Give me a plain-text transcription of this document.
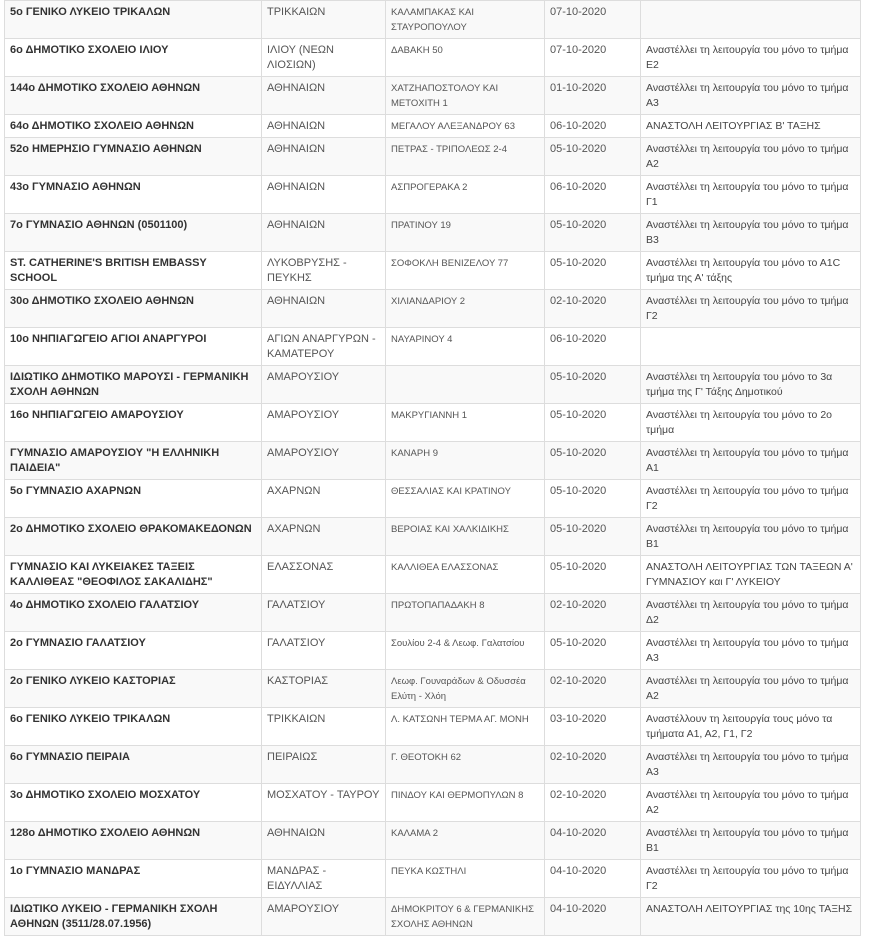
5ο ΓΕΝΙΚΟ ΛΥΚΕΙΟ ΤΡΙΚΑΛΩΝ	ΤΡΙΚΚΑΙΩΝ	ΚΑΛΑΜΠΑΚΑΣ ΚΑΙ ΣΤΑΥΡΟΠΟΥΛΟΥ	07-10-2020	
6ο ΔΗΜΟΤΙΚΟ ΣΧΟΛΕΙΟ ΙΛΙΟΥ	ΙΛΙΟΥ (ΝΕΩΝ ΛΙΟΣΙΩΝ)	ΔΑΒΑΚΗ 50	07-10-2020	Αναστέλλει τη λειτουργία του μόνο το τμήμα Ε2
144ο ΔΗΜΟΤΙΚΟ ΣΧΟΛΕΙΟ ΑΘΗΝΩΝ	ΑΘΗΝΑΙΩΝ	ΧΑΤΖΗΑΠΟΣΤΟΛΟΥ ΚΑΙ ΜΕΤΟΧΙΤΗ 1	01-10-2020	Αναστέλλει τη λειτουργία του μόνο το τμήμα Α3
64ο ΔΗΜΟΤΙΚΟ ΣΧΟΛΕΙΟ ΑΘΗΝΩΝ	ΑΘΗΝΑΙΩΝ	ΜΕΓΑΛΟΥ ΑΛΕΞΑΝΔΡΟΥ 63	06-10-2020	ΑΝΑΣΤΟΛΗ ΛΕΙΤΟΥΡΓΙΑΣ Β' ΤΑΞΗΣ
52ο ΗΜΕΡΗΣΙΟ ΓΥΜΝΑΣΙΟ ΑΘΗΝΩΝ	ΑΘΗΝΑΙΩΝ	ΠΕΤΡΑΣ - ΤΡΙΠΟΛΕΩΣ 2-4	05-10-2020	Αναστέλλει τη λειτουργία του μόνο το τμήμα Α2
43ο ΓΥΜΝΑΣΙΟ ΑΘΗΝΩΝ	ΑΘΗΝΑΙΩΝ	ΑΣΠΡΟΓΕΡΑΚΑ 2	06-10-2020	Αναστέλλει τη λειτουργία του μόνο το τμήμα Γ1
7ο ΓΥΜΝΑΣΙΟ ΑΘΗΝΩΝ (0501100)	ΑΘΗΝΑΙΩΝ	ΠΡΑΤΙΝΟΥ 19	05-10-2020	Αναστέλλει τη λειτουργία του μόνο το τμήμα Β3
ST. CATHERINE'S BRITISH EMBASSY SCHOOL	ΛΥΚΟΒΡΥΣΗΣ - ΠΕΥΚΗΣ	ΣΟΦΟΚΛΗ ΒΕΝΙΖΕΛΟΥ 77	05-10-2020	Αναστέλλει τη λειτουργία του μόνο το Α1C τμήμα της Α' τάξης
30ο ΔΗΜΟΤΙΚΟ ΣΧΟΛΕΙΟ ΑΘΗΝΩΝ	ΑΘΗΝΑΙΩΝ	ΧΙΛΙΑΝΔΑΡΙΟΥ 2	02-10-2020	Αναστέλλει τη λειτουργία του μόνο το τμήμα Γ2
10ο ΝΗΠΙΑΓΩΓΕΙΟ ΑΓΙΟΙ ΑΝΑΡΓΥΡΟΙ	ΑΓΙΩΝ ΑΝΑΡΓΥΡΩΝ - ΚΑΜΑΤΕΡΟΥ	ΝΑΥΑΡΙΝΟΥ 4	06-10-2020	
ΙΔΙΩΤΙΚΟ ΔΗΜΟΤΙΚΟ ΜΑΡΟΥΣΙ - ΓΕΡΜΑΝΙΚΗ ΣΧΟΛΗ ΑΘΗΝΩΝ	ΑΜΑΡΟΥΣΙΟΥ		05-10-2020	Αναστέλλει τη λειτουργία του μόνο το 3α τμήμα της Γ' Τάξης Δημοτικού
16ο ΝΗΠΙΑΓΩΓΕΙΟ ΑΜΑΡΟΥΣΙΟΥ	ΑΜΑΡΟΥΣΙΟΥ	ΜΑΚΡΥΓΙΑΝΝΗ 1	05-10-2020	Αναστέλλει τη λειτουργία του μόνο το 2ο τμήμα
ΓΥΜΝΑΣΙΟ ΑΜΑΡΟΥΣΙΟΥ "Η ΕΛΛΗΝΙΚΗ ΠΑΙΔΕΙΑ"	ΑΜΑΡΟΥΣΙΟΥ	ΚΑΝΑΡΗ 9	05-10-2020	Αναστέλλει τη λειτουργία του μόνο το τμήμα Α1
5ο ΓΥΜΝΑΣΙΟ ΑΧΑΡΝΩΝ	ΑΧΑΡΝΩΝ	ΘΕΣΣΑΛΙΑΣ ΚΑΙ ΚΡΑΤΙΝΟΥ	05-10-2020	Αναστέλλει τη λειτουργία του μόνο το τμήμα Γ2
2ο ΔΗΜΟΤΙΚΟ ΣΧΟΛΕΙΟ ΘΡΑΚΟΜΑΚΕΔΟΝΩΝ	ΑΧΑΡΝΩΝ	ΒΕΡΟΙΑΣ ΚΑΙ ΧΑΛΚΙΔΙΚΗΣ	05-10-2020	Αναστέλλει τη λειτουργία του μόνο το τμήμα Β1
ΓΥΜΝΑΣΙΟ ΚΑΙ ΛΥΚΕΙΑΚΕΣ ΤΑΞΕΙΣ ΚΑΛΛΙΘΕΑΣ "ΘΕΟΦΙΛΟΣ ΣΑΚΑΛΙΔΗΣ"	ΕΛΑΣΣΟΝΑΣ	ΚΑΛΛΙΘΕΑ ΕΛΑΣΣΟΝΑΣ	05-10-2020	ΑΝΑΣΤΟΛΗ ΛΕΙΤΟΥΡΓΙΑΣ ΤΩΝ ΤΑΞΕΩΝ Α' ΓΥΜΝΑΣΙΟΥ και Γ' ΛΥΚΕΙΟΥ
4ο ΔΗΜΟΤΙΚΟ ΣΧΟΛΕΙΟ ΓΑΛΑΤΣΙΟΥ	ΓΑΛΑΤΣΙΟΥ	ΠΡΩΤΟΠΑΠΑΔΑΚΗ 8	02-10-2020	Αναστέλλει τη λειτουργία του μόνο το τμήμα Δ2
2ο ΓΥΜΝΑΣΙΟ ΓΑΛΑΤΣΙΟΥ	ΓΑΛΑΤΣΙΟΥ	Σουλίου 2-4 & Λεωφ. Γαλατσίου	05-10-2020	Αναστέλλει τη λειτουργία του μόνο το τμήμα Α3
2ο ΓΕΝΙΚΟ ΛΥΚΕΙΟ ΚΑΣΤΟΡΙΑΣ	ΚΑΣΤΟΡΙΑΣ	Λεωφ. Γουναράδων & Οδυσσέα Ελύτη - Χλόη	02-10-2020	Αναστέλλει τη λειτουργία του μόνο το τμήμα Α2
6ο ΓΕΝΙΚΟ ΛΥΚΕΙΟ ΤΡΙΚΑΛΩΝ	ΤΡΙΚΚΑΙΩΝ	Λ. ΚΑΤΣΩΝΗ ΤΕΡΜΑ ΑΓ. ΜΟΝΗ	03-10-2020	Αναστέλλουν τη λειτουργία τους μόνο τα τμήματα Α1, Α2, Γ1, Γ2
6ο ΓΥΜΝΑΣΙΟ ΠΕΙΡΑΙΑ	ΠΕΙΡΑΙΩΣ	Γ. ΘΕΟΤΟΚΗ 62	02-10-2020	Αναστέλλει τη λειτουργία του μόνο το τμήμα Α3
3ο ΔΗΜΟΤΙΚΟ ΣΧΟΛΕΙΟ ΜΟΣΧΑΤΟΥ	ΜΟΣΧΑΤΟΥ - ΤΑΥΡΟΥ	ΠΙΝΔΟΥ ΚΑΙ ΘΕΡΜΟΠΥΛΩΝ 8	02-10-2020	Αναστέλλει τη λειτουργία του μόνο το τμήμα Α2
128ο ΔΗΜΟΤΙΚΟ ΣΧΟΛΕΙΟ ΑΘΗΝΩΝ	ΑΘΗΝΑΙΩΝ	ΚΑΛΑΜΑ 2	04-10-2020	Αναστέλλει τη λειτουργία του μόνο το τμήμα Β1
1ο ΓΥΜΝΑΣΙΟ ΜΑΝΔΡΑΣ	ΜΑΝΔΡΑΣ - ΕΙΔΥΛΛΙΑΣ	ΠΕΥΚΑ ΚΩΣΤΗΛΙ	04-10-2020	Αναστέλλει τη λειτουργία του μόνο το τμήμα Γ2
ΙΔΙΩΤΙΚΟ ΛΥΚΕΙΟ - ΓΕΡΜΑΝΙΚΗ ΣΧΟΛΗ ΑΘΗΝΩΝ (3511/28.07.1956)	ΑΜΑΡΟΥΣΙΟΥ	ΔΗΜΟΚΡΙΤΟΥ 6 & ΓΕΡΜΑΝΙΚΗΣ ΣΧΟΛΗΣ ΑΘΗΝΩΝ	04-10-2020	ΑΝΑΣΤΟΛΗ ΛΕΙΤΟΥΡΓΙΑΣ της 10ης ΤΑΞΗΣ
